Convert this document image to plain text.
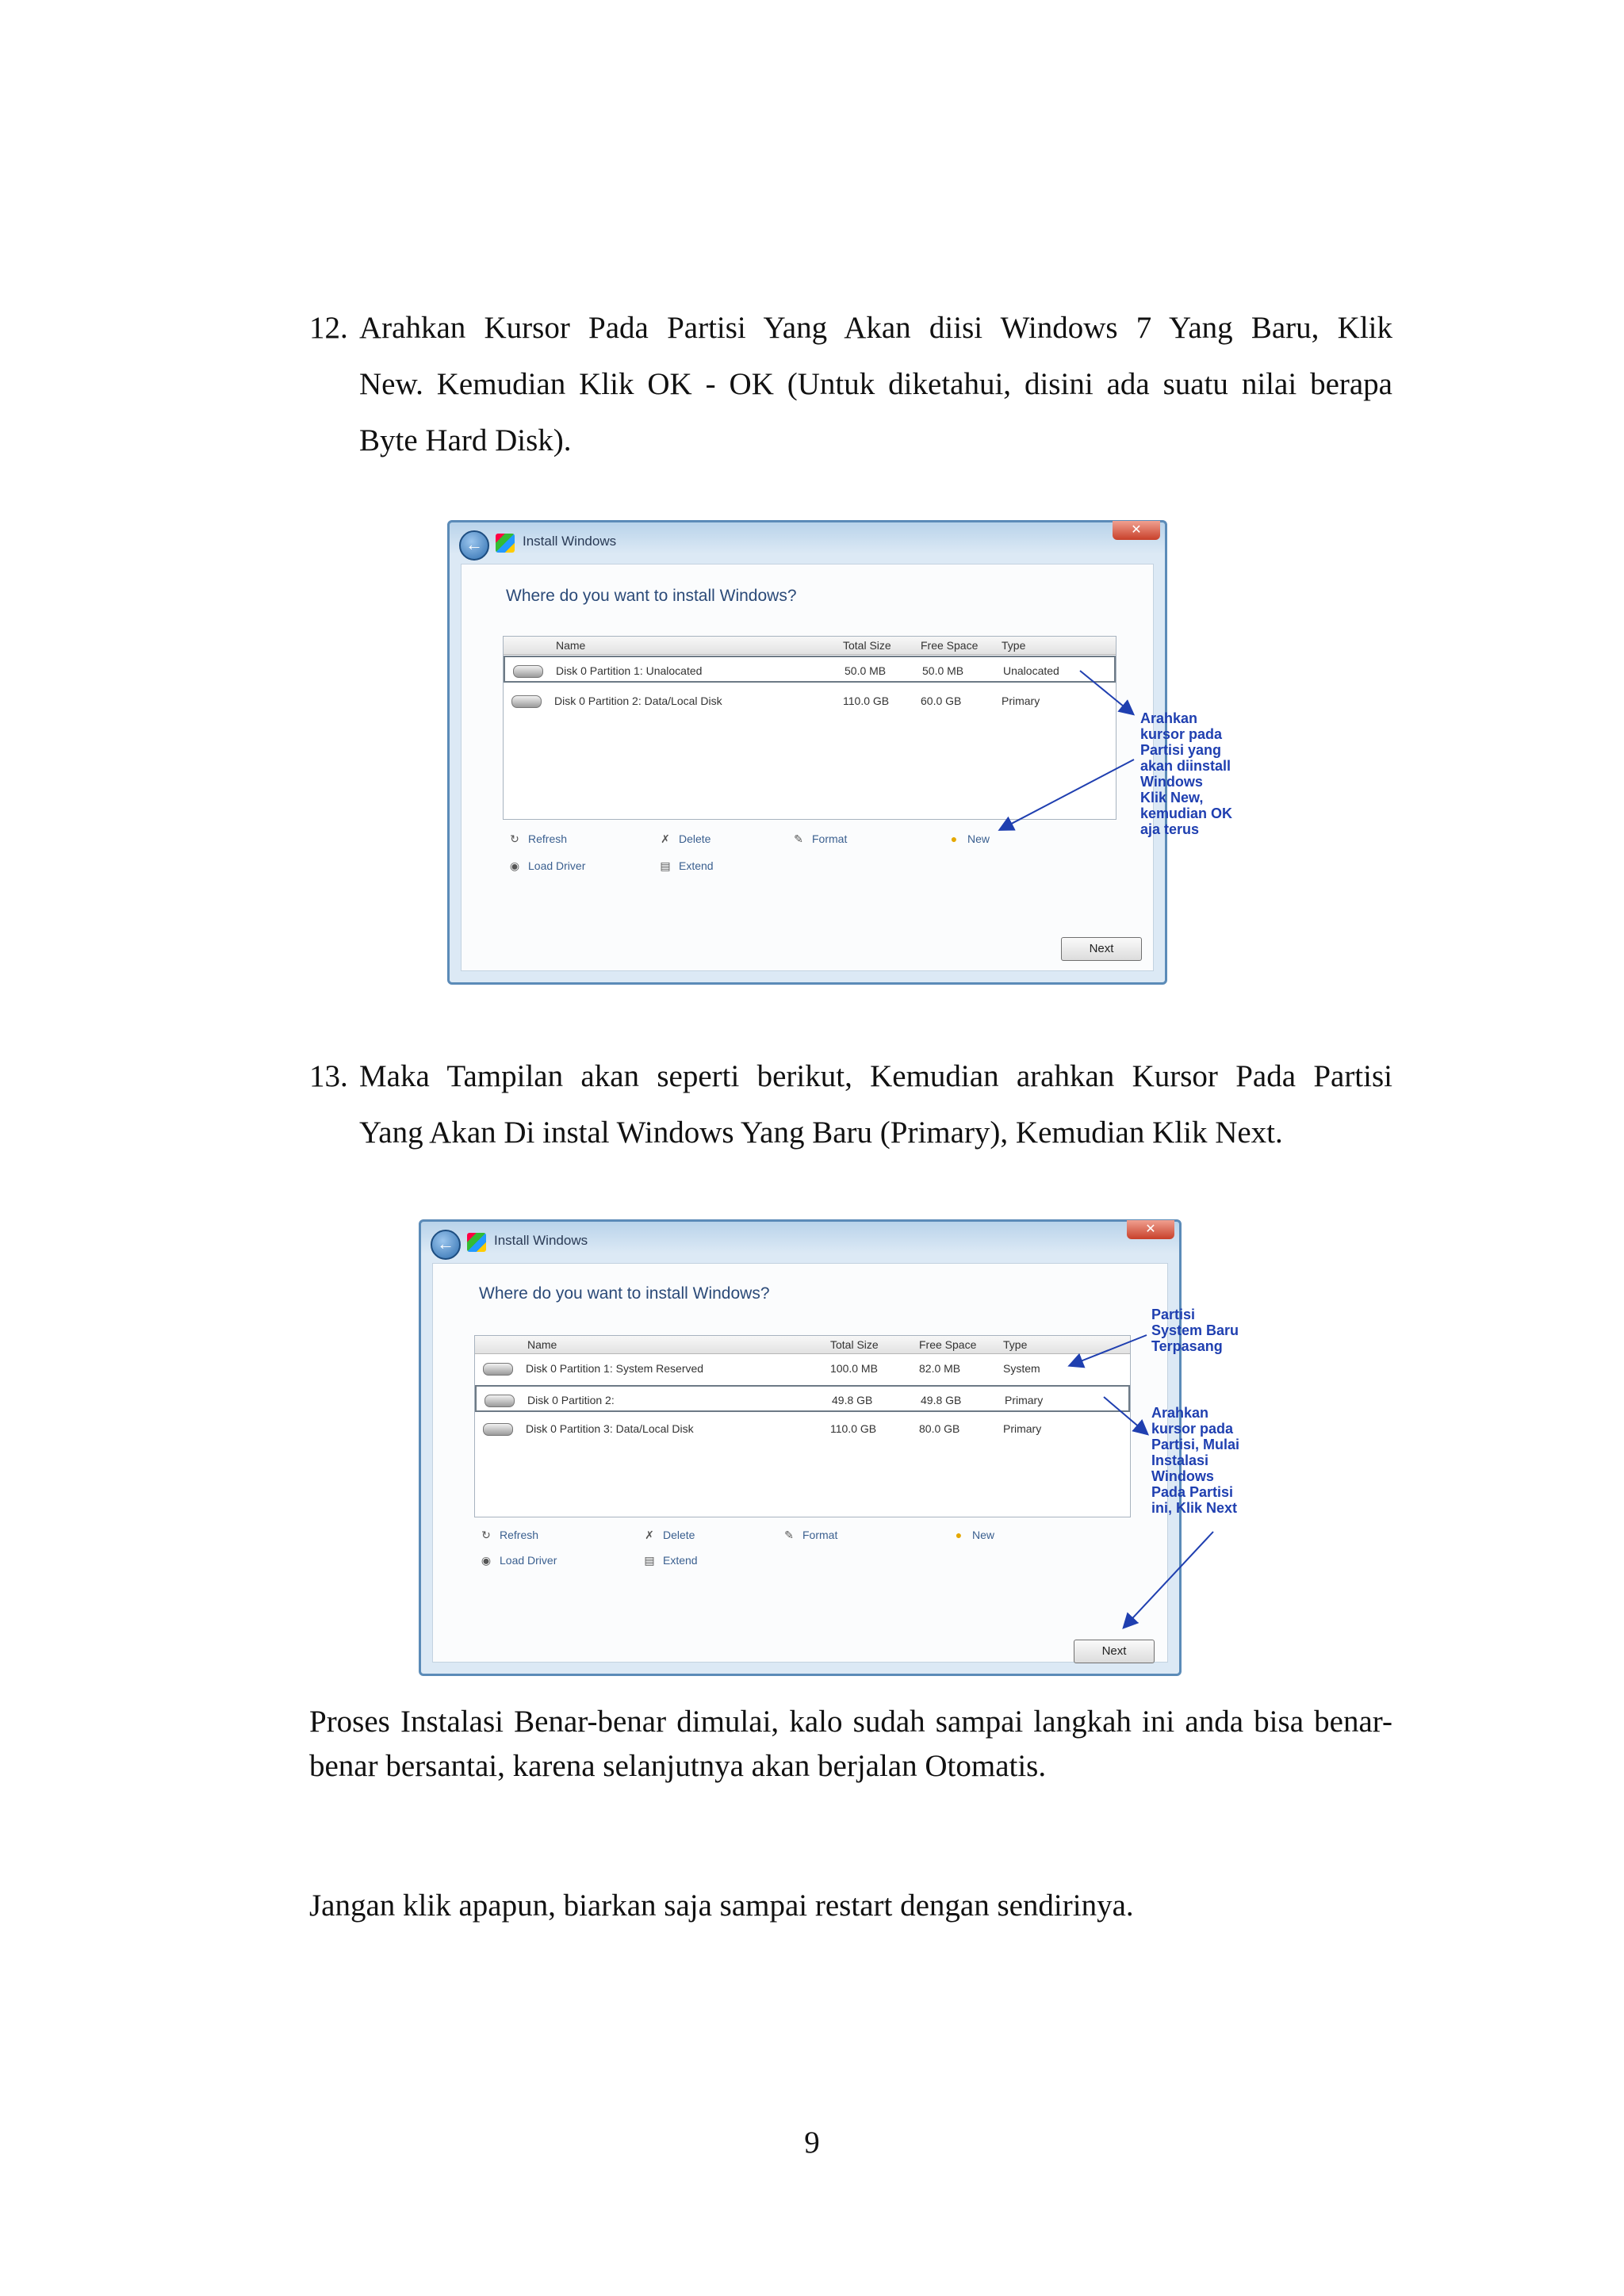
12. Arahkan Kursor Pada Partisi Yang Akan diisi Windows 7 Yang Baru, Klik
New. Kemudian Klik OK - OK (Untuk diketahui, disini ada suatu nilai berapa
Byte Hard Disk).
←	Install Windows
✕
Where do you want to install Windows?
Name	Total Size	Free Space Type
Disk 0 Partition 1: Unalocated	50.0 MB	50.0 MB	Unalocated
Disk 0 Partition 2: Data/Local Disk	110.0 GB	60.0 GB	Primary
↻ Refresh	✗ Delete	✎ Format	● New
◉ Load Driver	▤ Extend
Next
Arahkan
kursor pada
Partisi yang
akan diinstall
Windows
Klik New,
kemudian OK
aja terus
13. Maka Tampilan akan seperti berikut, Kemudian arahkan Kursor Pada Partisi
Yang Akan Di instal Windows Yang Baru (Primary), Kemudian Klik Next.
←	Install Windows
✕
Where do you want to install Windows?
Name	Total Size	Free Space Type
Disk 0 Partition 1: System Reserved	100.0 MB	82.0 MB	System
Disk 0 Partition 2:	49.8 GB	49.8 GB	Primary
Disk 0 Partition 3: Data/Local Disk	110.0 GB	80.0 GB	Primary
↻ Refresh	✗ Delete	✎ Format	● New
◉ Load Driver	▤ Extend
Next
Partisi
System Baru
Terpasang
Arahkan
kursor pada
Partisi, Mulai
Instalasi
Windows
Pada Partisi
ini, Klik Next
Proses Instalasi Benar-benar dimulai, kalo sudah sampai langkah ini anda bisa benar-benar bersantai, karena selanjutnya akan berjalan Otomatis.
Jangan klik apapun, biarkan saja sampai restart dengan sendirinya.
9
